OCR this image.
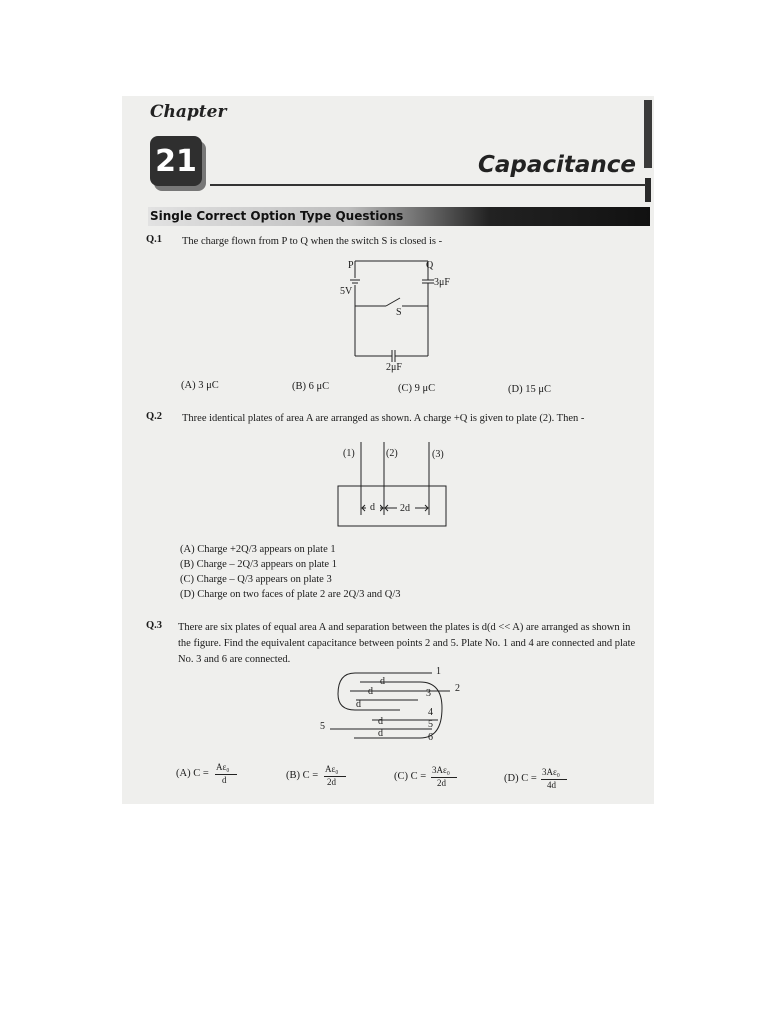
Chapter
21	Capacitance
Single Correct Option Type Questions
Q.1 The charge flown from P to Q when the switch S is closed is -
P	Q
5V
3μF
S
2μF
(A) 3 μC	(B) 6 μC	(C) 9 μC	(D) 15 μC
Q.2 Three identical plates of area A are arranged as shown. A charge +Q is given to plate (2). Then -
(1)	(2)	(3)
d	2d
(A) Charge +2Q/3 appears on plate 1
(B) Charge – 2Q/3 appears on plate 1
(C) Charge – Q/3 appears on plate 3
(D) Charge on two faces of plate 2 are 2Q/3 and Q/3
Q.3 There are six plates of equal area A and separation between the plates is d(d << A) are arranged as shown in
the figure. Find the equivalent capacitance between points 2 and 5. Plate No. 1 and 4 are connected and plate
No. 3 and 6 are connected.
1
2
3
4
5
6
5
d
d
d
d
d
(A) C =
Aε₀
d	(B) C =
Aε₀
2d	(C) C =
3Aε₀
2d	(D) C =
3Aε₀
4d
